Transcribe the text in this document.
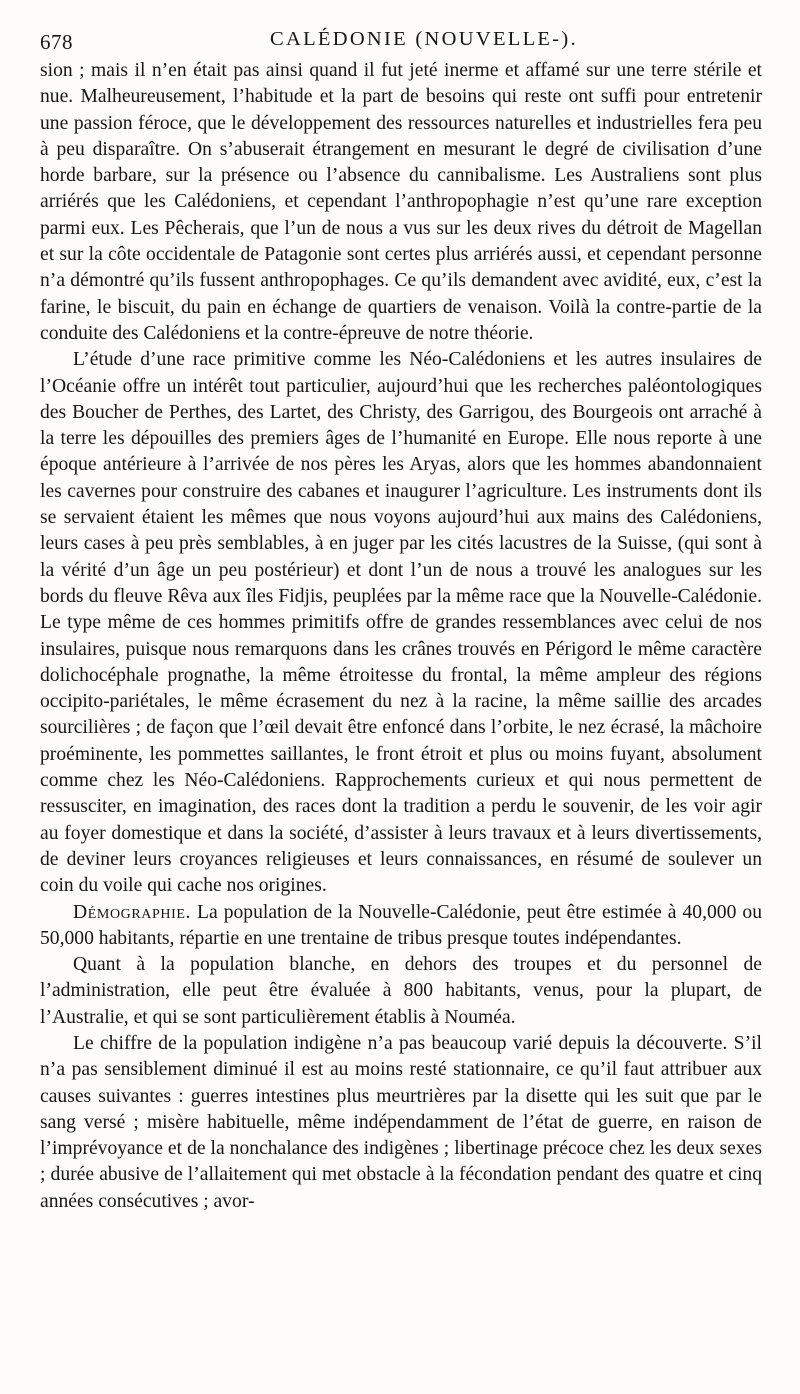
678	CALÉDONIE (NOUVELLE-).

sion ; mais il n’en était pas ainsi quand il fut jeté inerme et affamé sur une terre stérile et nue. Malheureusement, l’habitude et la part de besoins qui reste ont suffi pour entretenir une passion féroce, que le développement des ressources naturelles et industrielles fera peu à peu disparaître. On s’abuserait étrangement en mesurant le degré de civilisation d’une horde barbare, sur la présence ou l’absence du cannibalisme. Les Australiens sont plus arriérés que les Calédoniens, et cependant l’anthropophagie n’est qu’une rare exception parmi eux. Les Pêcherais, que l’un de nous a vus sur les deux rives du détroit de Magellan et sur la côte occidentale de Patagonie sont certes plus arriérés aussi, et cependant personne n’a démontré qu’ils fussent anthropophages. Ce qu’ils demandent avec avidité, eux, c’est la farine, le biscuit, du pain en échange de quartiers de venaison. Voilà la contre-partie de la conduite des Calédoniens et la contre-épreuve de notre théorie.

L’étude d’une race primitive comme les Néo-Calédoniens et les autres insulaires de l’Océanie offre un intérêt tout particulier, aujourd’hui que les recherches paléontologiques des Boucher de Perthes, des Lartet, des Christy, des Garrigou, des Bourgeois ont arraché à la terre les dépouilles des premiers âges de l’humanité en Europe. Elle nous reporte à une époque antérieure à l’arrivée de nos pères les Aryas, alors que les hommes abandonnaient les cavernes pour construire des cabanes et inaugurer l’agriculture. Les instruments dont ils se servaient étaient les mêmes que nous voyons aujourd’hui aux mains des Calédoniens, leurs cases à peu près semblables, à en juger par les cités lacustres de la Suisse, (qui sont à la vérité d’un âge un peu postérieur) et dont l’un de nous a trouvé les analogues sur les bords du fleuve Rêva aux îles Fidjis, peuplées par la même race que la Nouvelle-Calédonie. Le type même de ces hommes primitifs offre de grandes ressemblances avec celui de nos insulaires, puisque nous remarquons dans les crânes trouvés en Périgord le même caractère dolichocéphale prognathe, la même étroitesse du frontal, la même ampleur des régions occipito-pariétales, le même écrasement du nez à la racine, la même saillie des arcades sourcilières ; de façon que l’œil devait être enfoncé dans l’orbite, le nez écrasé, la mâchoire proéminente, les pommettes saillantes, le front étroit et plus ou moins fuyant, absolument comme chez les Néo-Calédoniens. Rapprochements curieux et qui nous permettent de ressusciter, en imagination, des races dont la tradition a perdu le souvenir, de les voir agir au foyer domestique et dans la société, d’assister à leurs travaux et à leurs divertissements, de deviner leurs croyances religieuses et leurs connaissances, en résumé de soulever un coin du voile qui cache nos origines.

Démographie. La population de la Nouvelle-Calédonie, peut être estimée à 40,000 ou 50,000 habitants, répartie en une trentaine de tribus presque toutes indépendantes.

Quant à la population blanche, en dehors des troupes et du personnel de l’administration, elle peut être évaluée à 800 habitants, venus, pour la plupart, de l’Australie, et qui se sont particulièrement établis à Nouméa.

Le chiffre de la population indigène n’a pas beaucoup varié depuis la découverte. S’il n’a pas sensiblement diminué il est au moins resté stationnaire, ce qu’il faut attribuer aux causes suivantes : guerres intestines plus meurtrières par la disette qui les suit que par le sang versé ; misère habituelle, même indépendamment de l’état de guerre, en raison de l’imprévoyance et de la nonchalance des indigènes ; libertinage précoce chez les deux sexes ; durée abusive de l’allaitement qui met obstacle à la fécondation pendant des quatre et cinq années consécutives ; avor-
